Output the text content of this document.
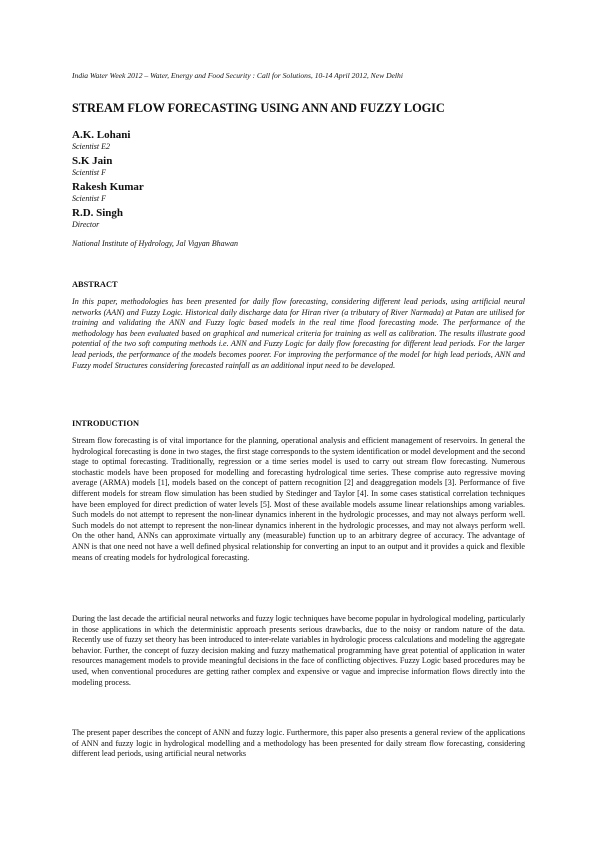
India Water Week 2012 – Water, Energy and Food Security : Call for Solutions, 10-14 April 2012, New Delhi
STREAM FLOW FORECASTING USING ANN AND FUZZY LOGIC
A.K. Lohani
Scientist E2
S.K Jain
Scientist F
Rakesh Kumar
Scientist F
R.D. Singh
Director
National Institute of Hydrology, Jal Vigyan Bhawan
ABSTRACT

In this paper, methodologies has been presented for daily flow forecasting, considering different lead periods, using artificial neural networks (AAN) and Fuzzy Logic. Historical daily discharge data for Hiran river (a tributary of River Narmada) at Patan are utilised for training and validating the ANN and Fuzzy logic based models in the real time flood forecasting mode. The performance of the methodology has been evaluated based on graphical and numerical criteria for training as well as calibration. The results illustrate good potential of the two soft computing methods i.e. ANN and Fuzzy Logic for daily flow forecasting for different lead periods. For the larger lead periods, the performance of the models becomes poorer. For improving the performance of the model for high lead periods, ANN and Fuzzy model Structures considering forecasted rainfall as an additional input need to be developed.

INTRODUCTION

Stream flow forecasting is of vital importance for the planning, operational analysis and efficient management of reservoirs. In general the hydrological forecasting is done in two stages, the first stage corresponds to the system identification or model development and the second stage to optimal forecasting. Traditionally, regression or a time series model is used to carry out stream flow forecasting. Numerous stochastic models have been proposed for modelling and forecasting hydrological time series. These comprise auto regressive moving average (ARMA) models [1], models based on the concept of pattern recognition [2] and deaggregation models [3]. Performance of five different models for stream flow simulation has been studied by Stedinger and Taylor [4]. In some cases statistical correlation techniques have been employed for direct prediction of water levels [5]. Most of these available models assume linear relationships among variables. Such models do not attempt to represent the non-linear dynamics inherent in the hydrologic processes, and may not always perform well. Such models do not attempt to represent the non-linear dynamics inherent in the hydrologic processes, and may not always perform well. On the other hand, ANNs can approximate virtually any (measurable) function up to an arbitrary degree of accuracy. The advantage of ANN is that one need not have a well defined physical relationship for converting an input to an output and it provides a quick and flexible means of creating models for hydrological forecasting.

During the last decade the artificial neural networks and fuzzy logic techniques have become popular in hydrological modeling, particularly in those applications in which the deterministic approach presents serious drawbacks, due to the noisy or random nature of the data. Recently use of fuzzy set theory has been introduced to inter-relate variables in hydrologic process calculations and modeling the aggregate behavior. Further, the concept of fuzzy decision making and fuzzy mathematical programming have great potential of application in water resources management models to provide meaningful decisions in the face of conflicting objectives. Fuzzy Logic based procedures may be used, when conventional procedures are getting rather complex and expensive or vague and imprecise information flows directly into the modeling process.

The present paper describes the concept of ANN and fuzzy logic. Furthermore, this paper also presents a general review of the applications of ANN and fuzzy logic in hydrological modelling and a methodology has been presented for daily stream flow forecasting, considering different lead periods, using artificial neural networks
